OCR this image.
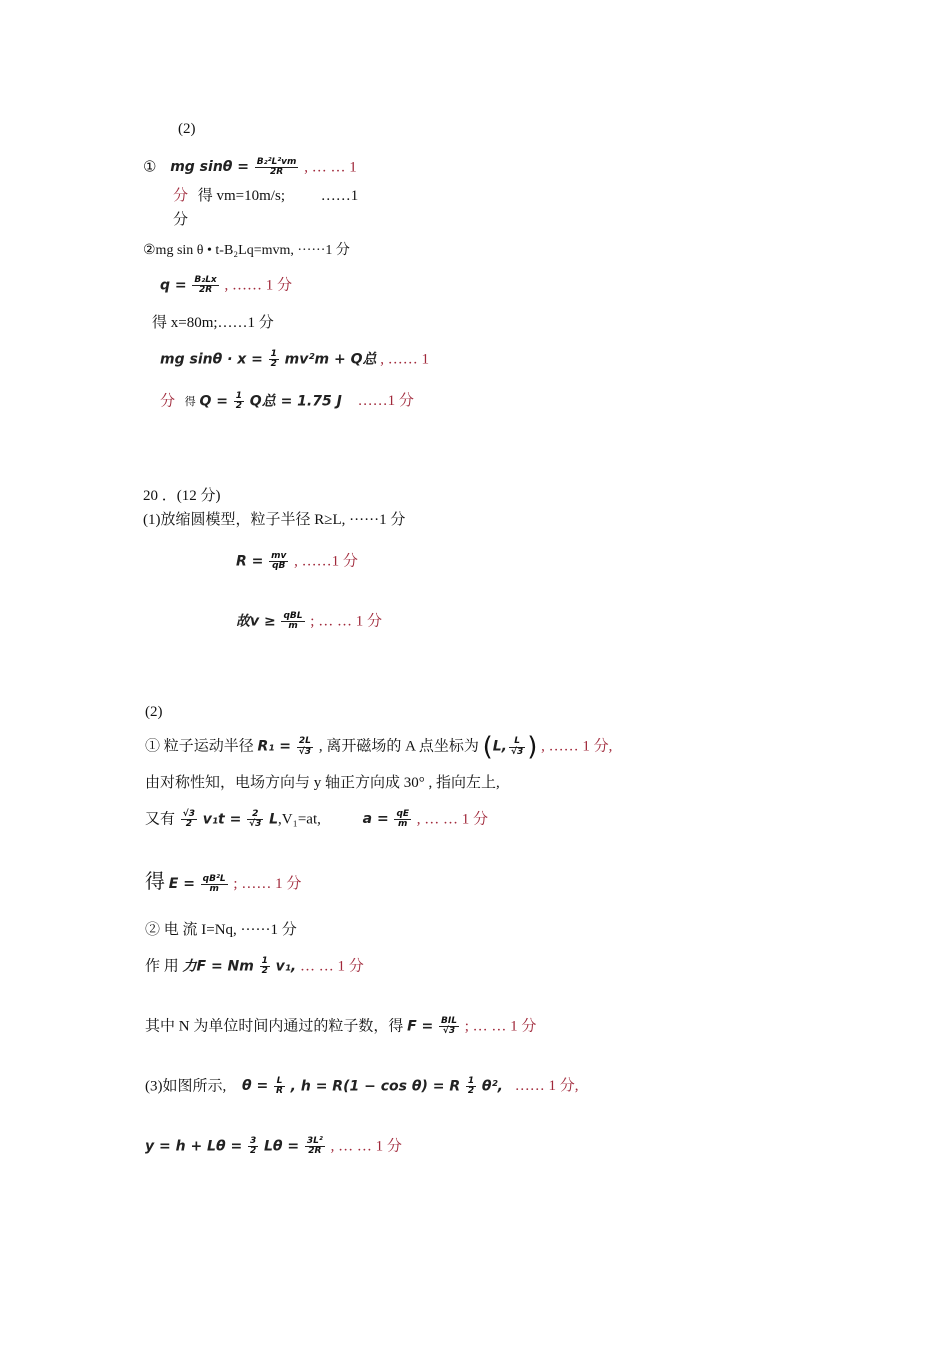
(2)
① mg $\sin\theta = \frac{\text{B₂²L²vm}}{2R}$ , … … 1
分 得 vm=10m/s; ……1
分
②mg sin θ • t-B₂Lq=mvm, ······1 分
$q = \frac{\text{B₂Lx}}{2R}$ , …… 1 分
得 x=80m;……1 分
mg $\sin\theta \cdot x = \frac{1}{2} mv^2m + Q$总 , …… 1
分 得 $Q = \frac{1}{2}$ Q总 = 1.75 J ……1 分
20 ．(12 分)
(1)放缩圆模型，粒子半径 R≥L, ······1 分
$R = \frac{mv}{qB}$ , ……1 分
故$v \ge \frac{\text{qBL}}{m}$ ; … … 1 分
(2)
① 粒子运动半径 $R_1 = \frac{2L}{√3}$ , 离开磁场的 A 点坐标为 (L, $\frac{L}{√3}$ ) , …… 1 分,
由对称性知，电场方向与 y 轴正方向成 30° , 指向左上,
又有 $\frac{√3}{2} v_1t = \frac{2}{√3} L,V_1=at$,	$a = \frac{qE}{m}$ , … … 1 分
得 $E = \frac{\text{qB²L}}{m}$ ; …… 1 分
② 电 流 I=Nq, ······1 分
作 用 力F = Nm $\frac{1}{2} v_1$, … … 1 分
其中 N 为单位时间内通过的粒子数，得 $F = \frac{\text{BIL}}{√3}$ ; … … 1 分
(3)如图所示, $\theta = \frac{L}{R}$ , h = R(1 − cos θ) = R $\frac{1}{2} \theta^2$, …… 1 分,
$y = h + L\theta = \frac{3}{2}$ $L\theta = \frac{\text{3L²}}{2R}$ , … … 1 分
